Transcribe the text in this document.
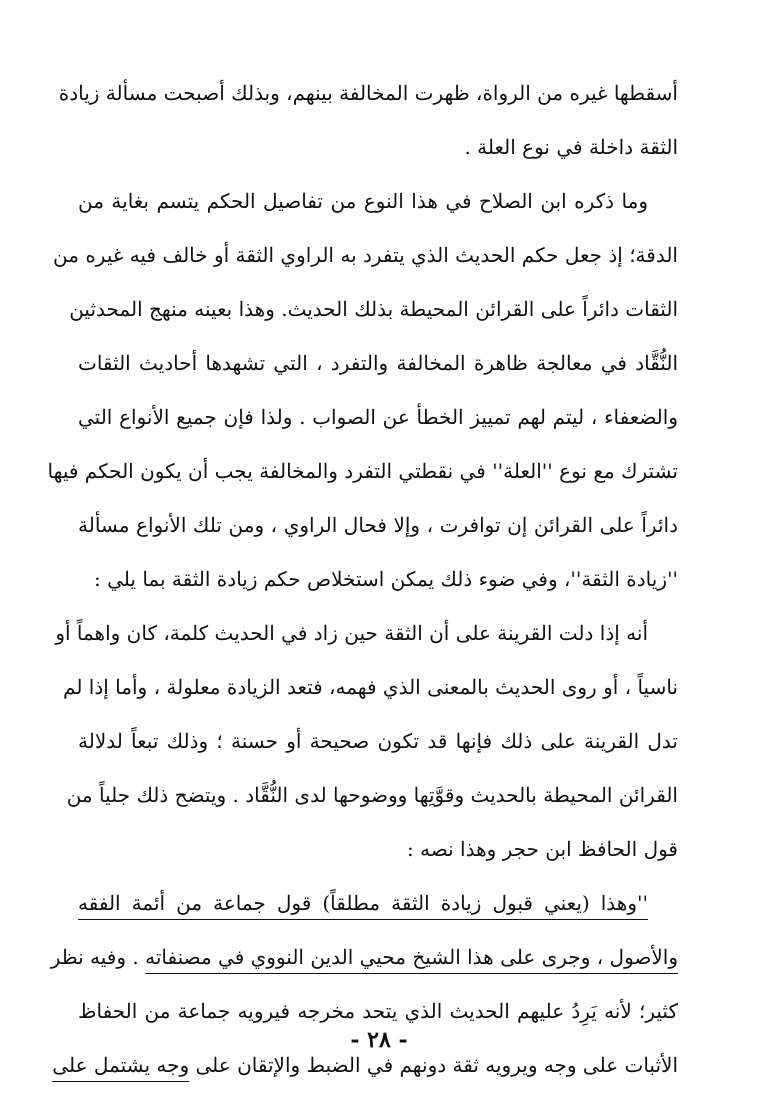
أسقطها غيره من الرواة، ظهرت المخالفة بينهم، وبذلك أصبحت مسألة زيادة
الثقة داخلة في نوع العلة .
وما ذكره ابن الصلاح في هذا النوع من تفاصيل الحكم يتسم بغاية من
الدقة؛ إذ جعل حكم الحديث الذي يتفرد به الراوي الثقة أو خالف فيه غيره من
الثقات دائراً على القرائن المحيطة بذلك الحديث. وهذا بعينه منهج المحدثين
النُّقَّاد في معالجة ظاهرة المخالفة والتفرد ، التي تشهدها أحاديث الثقات
والضعفاء ، ليتم لهم تمييز الخطأ عن الصواب . ولذا فإن جميع الأنواع التي
تشترك مع نوع ''العلة'' في نقطتي التفرد والمخالفة يجب أن يكون الحكم فيها
دائراً على القرائن إن توافرت ، وإلا فحال الراوي ، ومن تلك الأنواع مسألة
''زيادة الثقة''، وفي ضوء ذلك يمكن استخلاص حكم زيادة الثقة بما يلي :
أنه إذا دلت القرينة على أن الثقة حين زاد في الحديث كلمة، كان واهماً أو
ناسياً ، أو روى الحديث بالمعنى الذي فهمه، فتعد الزيادة معلولة ، وأما إذا لم
تدل القرينة على ذلك فإنها قد تكون صحيحة أو حسنة ؛ وذلك تبعاً لدلالة
القرائن المحيطة بالحديث وقوَّتِها ووضوحها لدى النُّقَّاد . ويتضح ذلك جلياً من
قول الحافظ ابن حجر وهذا نصه :
''وهذا (يعني قبول زيادة الثقة مطلقاً) قول جماعة من أئمة الفقه
والأصول ، وجرى على هذا الشيخ محيي الدين النووي في مصنفاته . وفيه نظر
كثير؛ لأنه يَرِدُ عليهم الحديث الذي يتحد مخرجه فيرويه جماعة من الحفاظ
الأثبات على وجه ويرويه ثقة دونهم في الضبط والإتقان على وجه يشتمل على
- ٢٨ -
